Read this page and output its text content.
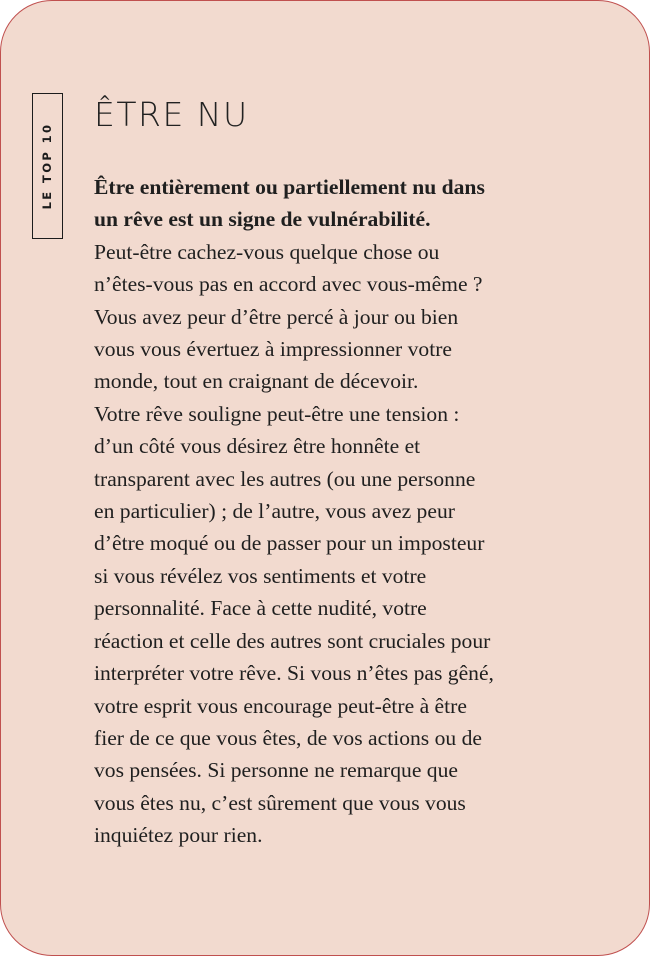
LE TOP 10
ÊTRE NU

Être entièrement ou partiellement nu dans

un rêve est un signe de vulnérabilité.

Peut-être cachez-vous quelque chose ou

n’êtes-vous pas en accord avec vous-même ?

Vous avez peur d’être percé à jour ou bien

vous vous évertuez à impressionner votre

monde, tout en craignant de décevoir.

Votre rêve souligne peut-être une tension :

d’un côté vous désirez être honnête et

transparent avec les autres (ou une personne

en particulier) ; de l’autre, vous avez peur

d’être moqué ou de passer pour un imposteur

si vous révélez vos sentiments et votre

personnalité. Face à cette nudité, votre

réaction et celle des autres sont cruciales pour

interpréter votre rêve. Si vous n’êtes pas gêné,

votre esprit vous encourage peut-être à être

fier de ce que vous êtes, de vos actions ou de

vos pensées. Si personne ne remarque que

vous êtes nu, c’est sûrement que vous vous

inquiétez pour rien.
